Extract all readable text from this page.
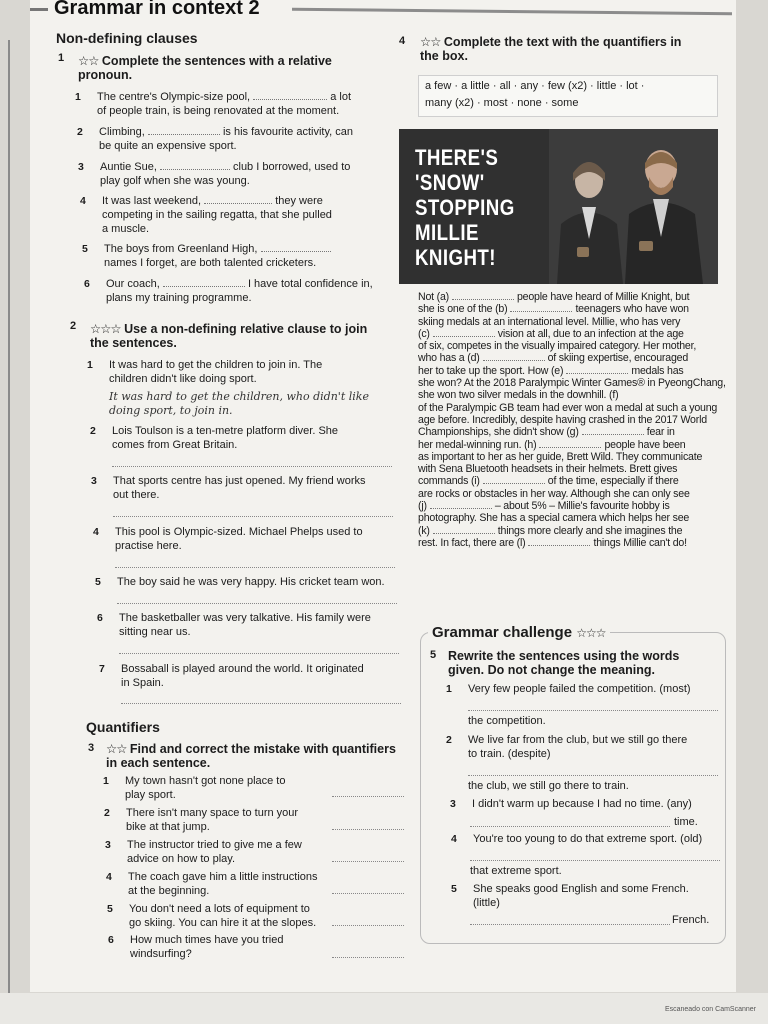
Escaneado con CamScanner
Grammar in context 2
Non-defining clauses
1 ☆☆ Complete the sentences with a relative
pronoun.
1 The centre's Olympic-size pool,	a lot
of people train, is being renovated at the moment.
2 Climbing,	is his favourite activity, can
be quite an expensive sport.
3 Auntie Sue,	club I borrowed, used to
play golf when she was young.
4 It was last weekend,	they were
competing in the sailing regatta, that she pulled
a muscle.
5 The boys from Greenland High,
names I forget, are both talented cricketers.
6 Our coach,	I have total confidence in,
plans my training programme.
2 ☆☆☆ Use a non-defining relative clause to join
the sentences.
1 It was hard to get the children to join in. The
children didn't like doing sport.
It was hard to get the children, who didn't like
doing sport, to join in.
2 Lois Toulson is a ten-metre platform diver. She
comes from Great Britain.
3 That sports centre has just opened. My friend works
out there.
4 This pool is Olympic-sized. Michael Phelps used to
practise here.
5 The boy said he was very happy. His cricket team won.
6 The basketballer was very talkative. His family were
sitting near us.
7 Bossaball is played around the world. It originated
in Spain.
Quantifiers
3 ☆☆ Find and correct the mistake with quantifiers
in each sentence.
1 My town hasn't got none place to
play sport.
2 There isn't many space to turn your
bike at that jump.
3 The instructor tried to give me a few
advice on how to play.
4 The coach gave him a little instructions
at the beginning.
5 You don't need a lots of equipment to
go skiing. You can hire it at the slopes.
6 How much times have you tried
windsurfing?
4 ☆☆ Complete the text with the quantifiers in
the box.
a few · a little · all · any · few (x2) · little · lot ·
many (x2) · most · none · some
THERE'S
'SNOW'
STOPPING
MILLIE
KNIGHT!
Not (a)	people have heard of Millie Knight, but
she is one of the (b)	teenagers who have won
skiing medals at an international level. Millie, who has very
(c)	vision at all, due to an infection at the age
of six, competes in the visually impaired category. Her mother,
who has a (d)	of skiing expertise, encouraged
her to take up the sport. How (e)	medals has
she won? At the 2018 Paralympic Winter Games® in PyeongChang,
she won two silver medals in the downhill. (f)
of the Paralympic GB team had ever won a medal at such a young
age before. Incredibly, despite having crashed in the 2017 World
Championships, she didn't show (g)	fear in
her medal-winning run. (h)	people have been
as important to her as her guide, Brett Wild. They communicate
with Sena Bluetooth headsets in their helmets. Brett gives
commands (i)	of the time, especially if there
are rocks or obstacles in her way. Although she can only see
(j)	– about 5% – Millie's favourite hobby is
photography. She has a special camera which helps her see
(k)	things more clearly and she imagines the
rest. In fact, there are (l)	things Millie can't do!
Grammar challenge ☆☆☆
5 Rewrite the sentences using the words
given. Do not change the meaning.
1 Very few people failed the competition. (most)
the competition.
2 We live far from the club, but we still go there
to train. (despite)
the club, we still go there to train.
3 I didn't warm up because I had no time. (any)
time.
4 You're too young to do that extreme sport. (old)
that extreme sport.
5 She speaks good English and some French.
(little)
French.
